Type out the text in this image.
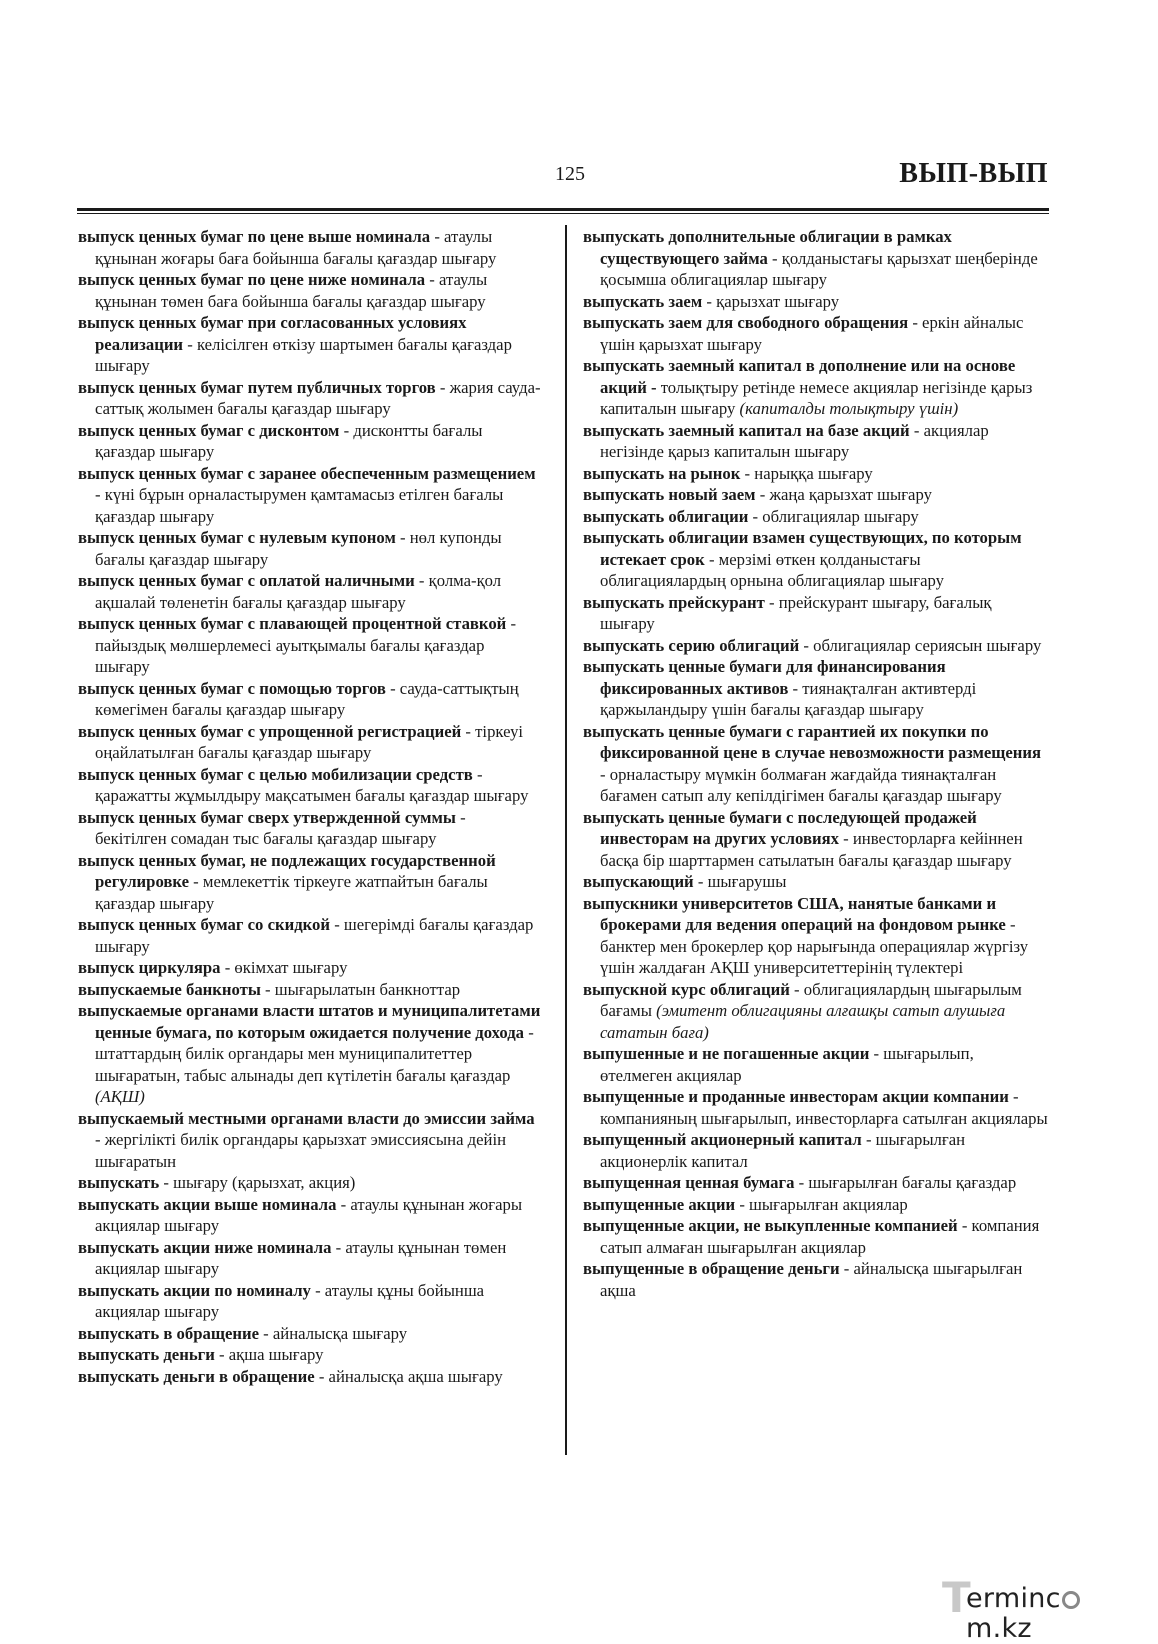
125	ВЫП-ВЫП

выпуск ценных бумаг по цене выше номинала - атаулы құнынан жоғары баға бойынша бағалы қағаздар шығару

выпуск ценных бумаг по цене ниже номинала - атаулы құнынан төмен баға бойынша бағалы қағаздар шығару

выпуск ценных бумаг при согласованных условиях реализации - келісілген өткізу шартымен бағалы қағаздар шығару

выпуск ценных бумаг путем публичных торгов - жария сауда-саттық жолымен бағалы қағаздар шығару

выпуск ценных бумаг с дисконтом - дисконтты бағалы қағаздар шығару

выпуск ценных бумаг с заранее обеспеченным размещением - күні бұрын орналастырумен қамтамасыз етілген бағалы қағаздар шығару

выпуск ценных бумаг с нулевым купоном - нөл купонды бағалы қағаздар шығару

выпуск ценных бумаг с оплатой наличными - қолма-қол ақшалай төленетін бағалы қағаздар шығару

выпуск ценных бумаг с плавающей процентной ставкой - пайыздық мөлшерлемесі ауытқымалы бағалы қағаздар шығару

выпуск ценных бумаг с помощью торгов - сауда-саттықтың көмегімен бағалы қағаздар шығару

выпуск ценных бумаг с упрощенной регистрацией - тіркеуі оңайлатылған бағалы қағаздар шығару

выпуск ценных бумаг с целью мобилизации средств - қаражатты жұмылдыру мақсатымен бағалы қағаздар шығару

выпуск ценных бумаг сверх утвержденной суммы - бекітілген сомадан тыс бағалы қағаздар шығару

выпуск ценных бумаг, не подлежащих государственной регулировке - мемлекеттік тіркеуге жатпайтын бағалы қағаздар шығару

выпуск ценных бумаг со скидкой - шегерімді бағалы қағаздар шығару

выпуск циркуляра - өкімхат шығару

выпускаемые банкноты - шығарылатын банкноттар

выпускаемые органами власти штатов и муниципалитетами ценные бумага, по которым ожидается получение дохода - штаттардың билік органдары мен муниципалитеттер шығаратын, табыс алынады деп күтілетін бағалы қағаздар (АҚШ)

выпускаемый местными органами власти до эмиссии займа - жергілікті билік органдары қарызхат эмиссиясына дейін шығаратын

выпускать - шығару (қарызхат, акция)

выпускать акции выше номинала - атаулы құнынан жоғары акциялар шығару

выпускать акции ниже номинала - атаулы құнынан төмен акциялар шығару

выпускать акции по номиналу - атаулы құны бойынша акциялар шығару

выпускать в обращение - айналысқа шығару

выпускать деньги - ақша шығару

выпускать деньги в обращение - айналысқа ақша шығару

выпускать дополнительные облигации в рамках существующего займа - қолданыстағы қарызхат шеңберінде қосымша облигациялар шығару

выпускать заем - қарызхат шығару

выпускать заем для свободного обращения - еркін айналыс үшін қарызхат шығару

выпускать заемный капитал в дополнение или на основе акций - толықтыру ретінде немесе акциялар негізінде қарыз капиталын шығару (капиталды толықтыру үшін)

выпускать заемный капитал на базе акций - акциялар негізінде қарыз капиталын шығару

выпускать на рынок - нарыққа шығару

выпускать новый заем - жаңа қарызхат шығару

выпускать облигации - облигациялар шығару

выпускать облигации взамен существующих, по которым истекает срок - мерзімі өткен қолданыстағы облигациялардың орнына облигациялар шығару

выпускать прейскурант - прейскурант шығару, бағалық шығару

выпускать серию облигаций - облигациялар сериясын шығару

выпускать ценные бумаги для финансирования фиксированных активов - тиянақталған активтерді қаржыландыру үшін бағалы қағаздар шығару

выпускать ценные бумаги с гарантией их покупки по фиксированной цене в случае невозможности размещения - орналастыру мүмкін болмаған жағдайда тиянақталған бағамен сатып алу кепілдігімен бағалы қағаздар шығару

выпускать ценные бумаги с последующей продажей инвесторам на других условиях - инвесторларға кейіннен басқа бір шарттармен сатылатын бағалы қағаздар шығару

выпускающий - шығарушы

выпускники университетов США, нанятые банками и брокерами для ведения операций на фондовом рынке - банктер мен брокерлер қор нарығында операциялар жүргізу үшін жалдаған АҚШ университеттерінің түлектері

выпускной курс облигаций - облигациялардың шығарылым бағамы (эмитент облигацияны алғашқы сатып алушыға сататын баға)

выпушенные и не погашенные акции - шығарылып, өтелмеген акциялар

выпущенные и проданные инвесторам акции компании - компанияның шығарылып, инвесторларға сатылған акциялары

выпущенный акционерный капитал - шығарылған акционерлік капитал

выпущенная ценная бумага - шығарылған бағалы қағаздар

выпущенные акции - шығарылған акциялар

выпущенные акции, не выкупленные компанией - компания сатып алмаған шығарылған акциялар

выпущенные в обращение деньги - айналысқа шығарылған ақша

T
ermincm.kz
